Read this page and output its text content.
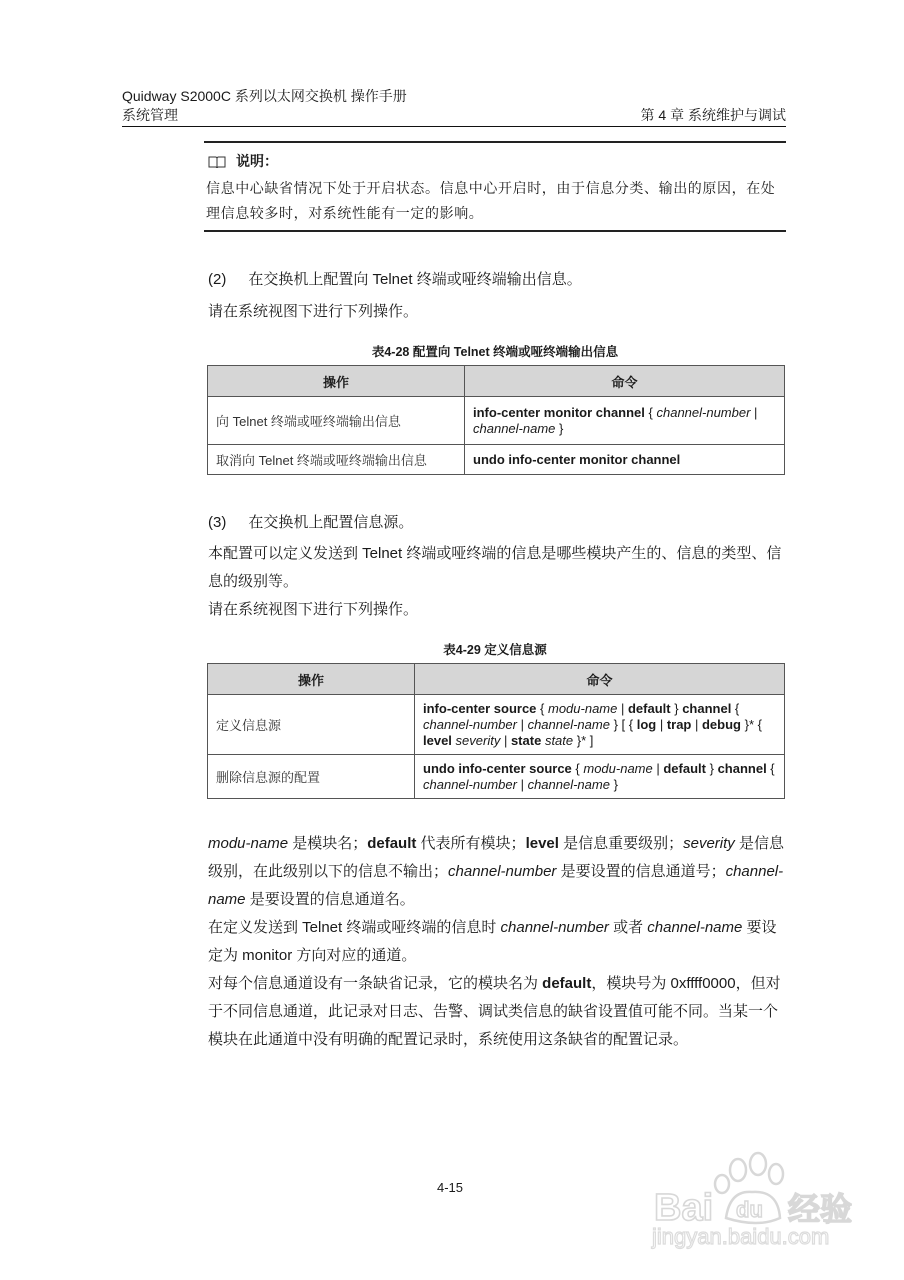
Quidway S2000C 系列以太网交换机 操作手册
系统管理	第 4 章 系统维护与调试
说明：
信息中心缺省情况下处于开启状态。信息中心开启时，由于信息分类、输出的原因，在处理信息较多时，对系统性能有一定的影响。
(2) 在交换机上配置向 Telnet 终端或哑终端输出信息。
请在系统视图下进行下列操作。
表4-28 配置向 Telnet 终端或哑终端输出信息
操作	命令
向 Telnet 终端或哑终端输出信息	info-center monitor channel { channel-number | channel-name }
取消向 Telnet 终端或哑终端输出信息	undo info-center monitor channel
(3) 在交换机上配置信息源。
本配置可以定义发送到 Telnet 终端或哑终端的信息是哪些模块产生的、信息的类型、信息的级别等。
请在系统视图下进行下列操作。
表4-29 定义信息源
操作	命令
定义信息源	info-center source { modu-name | default } channel { channel-number | channel-name } [ { log | trap | debug }* { level severity | state state }* ]
删除信息源的配置	undo info-center source { modu-name | default } channel { channel-number | channel-name }
modu-name 是模块名；default 代表所有模块；level 是信息重要级别；severity 是信息级别，在此级别以下的信息不输出；channel-number 是要设置的信息通道号；channel-name 是要设置的信息通道名。
在定义发送到 Telnet 终端或哑终端的信息时 channel-number 或者 channel-name 要设定为 monitor 方向对应的通道。
对每个信息通道设有一条缺省记录，它的模块名为 default，模块号为 0xffff0000，但对于不同信息通道，此记录对日志、告警、调试类信息的缺省设置值可能不同。当某一个模块在此通道中没有明确的配置记录时，系统使用这条缺省的配置记录。
4-15	Bai du 经验
jingyan.baidu.com
